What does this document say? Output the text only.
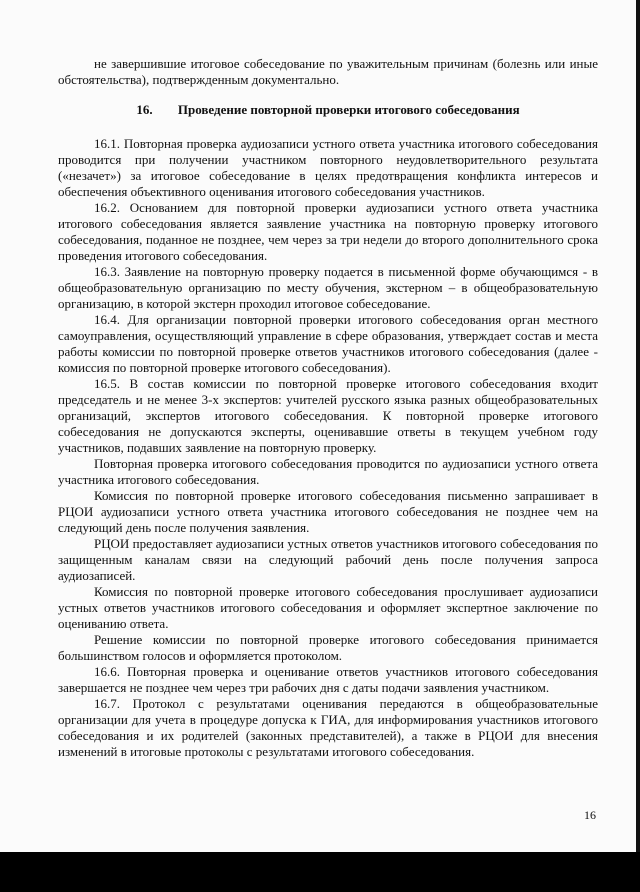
не завершившие итоговое собеседование по уважительным причинам (болезнь или иные обстоятельства), подтвержденным документально.

16. Проведение повторной проверки итогового собеседования

16.1. Повторная проверка аудиозаписи устного ответа участника итогового собеседования проводится при получении участником повторного неудовлетворительного результата («незачет») за итоговое собеседование в целях предотвращения конфликта интересов и обеспечения объективного оценивания итогового собеседования участников.

16.2. Основанием для повторной проверки аудиозаписи устного ответа участника итогового собеседования является заявление участника на повторную проверку итогового собеседования, поданное не позднее, чем через за три недели до второго дополнительного срока проведения итогового собеседования.

16.3. Заявление на повторную проверку подается в письменной форме обучающимся - в общеобразовательную организацию по месту обучения, экстерном – в общеобразовательную организацию, в которой экстерн проходил итоговое собеседование.

16.4. Для организации повторной проверки итогового собеседования орган местного самоуправления, осуществляющий управление в сфере образования, утверждает состав и места работы комиссии по повторной проверке ответов участников итогового собеседования (далее - комиссия по повторной проверке итогового собеседования).

16.5. В состав комиссии по повторной проверке итогового собеседования входит председатель и не менее 3-х экспертов: учителей русского языка разных общеобразовательных организаций, экспертов итогового собеседования. К повторной проверке итогового собеседования не допускаются эксперты, оценивавшие ответы в текущем учебном году участников, подавших заявление на повторную проверку.

Повторная проверка итогового собеседования проводится по аудиозаписи устного ответа участника итогового собеседования.

Комиссия по повторной проверке итогового собеседования письменно запрашивает в РЦОИ аудиозаписи устного ответа участника итогового собеседования не позднее чем на следующий день после получения заявления.

РЦОИ предоставляет аудиозаписи устных ответов участников итогового собеседования по защищенным каналам связи на следующий рабочий день после получения запроса аудиозаписей.

Комиссия по повторной проверке итогового собеседования прослушивает аудиозаписи устных ответов участников итогового собеседования и оформляет экспертное заключение по оцениванию ответа.

Решение комиссии по повторной проверке итогового собеседования принимается большинством голосов и оформляется протоколом.

16.6. Повторная проверка и оценивание ответов участников итогового собеседования завершается не позднее чем через три рабочих дня с даты подачи заявления участником.

16.7. Протокол с результатами оценивания передаются в общеобразовательные организации для учета в процедуре допуска к ГИА, для информирования участников итогового собеседования и их родителей (законных представителей), а также в РЦОИ для внесения изменений в итоговые протоколы с результатами итогового собеседования.

16
